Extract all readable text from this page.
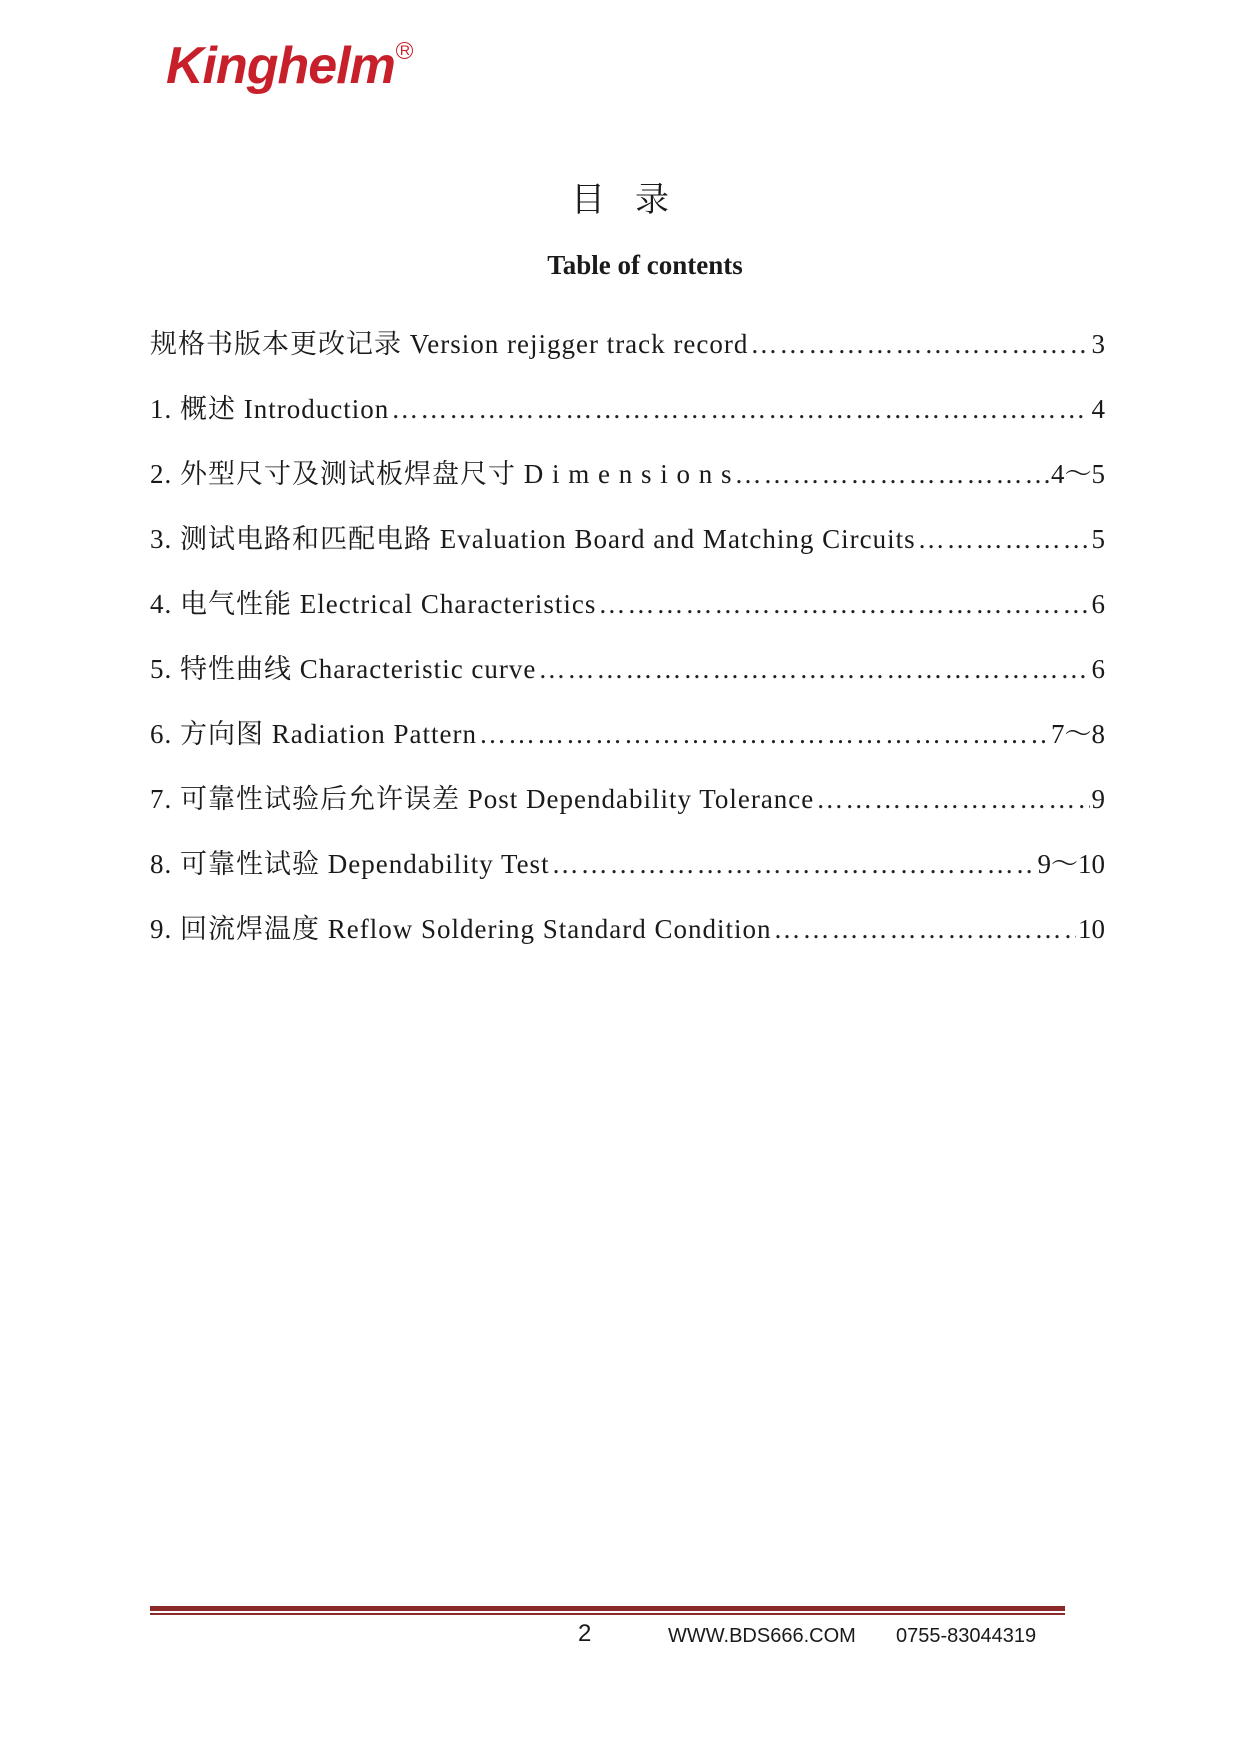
Kinghelm R
目录
Table of contents
规格书版本更改记录 Version rejigger track record ……………………………………………………………………………………………………………………………………………………	3
1. 概述 Introduction ……………………………………………………………………………………………………………………………………………………	4
2. 外型尺寸及测试板焊盘尺寸 D i m e n s i o n s ……………………………………………………………………………………………………………………………………………………	4～5
3. 测试电路和匹配电路 Evaluation Board and Matching Circuits ……………………………………………………………………………………………………………………………………………………	5
4. 电气性能 Electrical Characteristics ……………………………………………………………………………………………………………………………………………………	6
5. 特性曲线 Characteristic curve ……………………………………………………………………………………………………………………………………………………	6
6. 方向图 Radiation Pattern ……………………………………………………………………………………………………………………………………………………	7～8
7. 可靠性试验后允许误差 Post Dependability Tolerance ……………………………………………………………………………………………………………………………………………………	9
8. 可靠性试验 Dependability Test ……………………………………………………………………………………………………………………………………………………	9～10
9. 回流焊温度 Reflow Soldering Standard Condition ……………………………………………………………………………………………………………………………………………………	10
2	WWW.BDS666.COM 0755-83044319
